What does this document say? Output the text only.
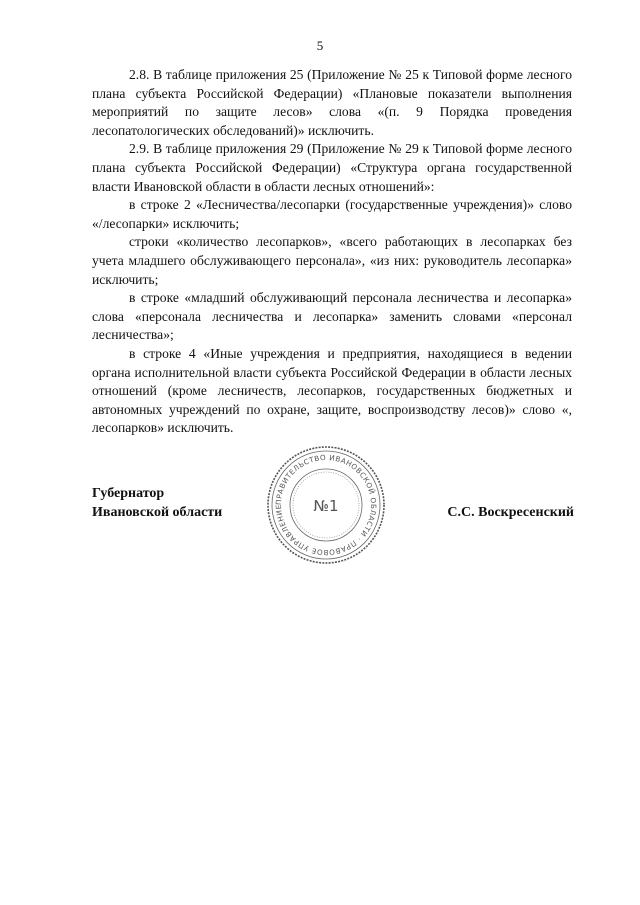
5

2.8. В таблице приложения 25 (Приложение № 25 к Типовой форме лесного плана субъекта Российской Федерации) «Плановые показатели выполнения мероприятий по защите лесов» слова «(п. 9 Порядка проведения лесопатологических обследований)» исключить.

2.9. В таблице приложения 29 (Приложение № 29 к Типовой форме лесного плана субъекта Российской Федерации) «Структура органа государственной власти Ивановской области в области лесных отношений»:

в строке 2 «Лесничества/лесопарки (государственные учреждения)» слово «/лесопарки» исключить;

строки «количество лесопарков», «всего работающих в лесопарках без учета младшего обслуживающего персонала», «из них: руководитель лесопарка» исключить;

в строке «младший обслуживающий персонала лесничества и лесопарка» слова «персонала лесничества и лесопарка» заменить словами «персонал лесничества»;

в строке 4 «Иные учреждения и предприятия, находящиеся в ведении органа исполнительной власти субъекта Российской Федерации в области лесных отношений (кроме лесничеств, лесопарков, государственных бюджетных и автономных учреждений по охране, защите, воспроизводству лесов)» слово «, лесопарков» исключить.

Губернатор
Ивановской области
ПРАВИТЕЛЬСТВО ИВАНОВСКОЙ ОБЛАСТИ · ПРАВОВОЕ УПРАВЛЕНИЕ	№1	С.С. Воскресенский
